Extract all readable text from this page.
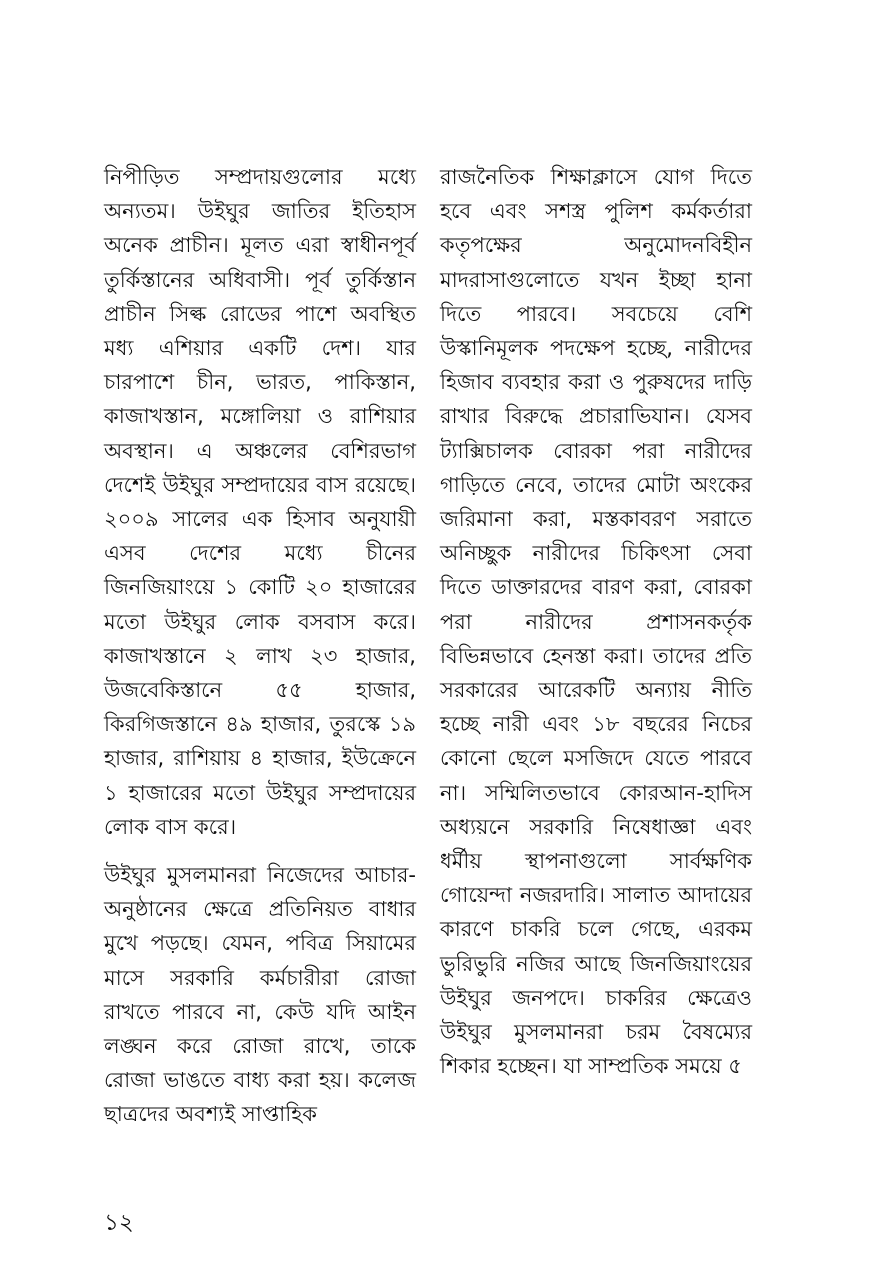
নিপীড়িত সম্প্রদায়গুলোর মধ্যে অন্যতম। উইঘুর জাতির ইতিহাস অনেক প্রাচীন। মূলত এরা স্বাধীনপূর্ব তুর্কিস্তানের অধিবাসী। পূর্ব তুর্কিস্তান প্রাচীন সিল্ক রোডের পাশে অবস্থিত মধ্য এশিয়ার একটি দেশ। যার চারপাশে চীন, ভারত, পাকিস্তান, কাজাখস্তান, মঙ্গোলিয়া ও রাশিয়ার অবস্থান। এ অঞ্চলের বেশিরভাগ দেশেই উইঘুর সম্প্রদায়ের বাস রয়েছে। ২০০৯ সালের এক হিসাব অনুযায়ী এসব দেশের মধ্যে চীনের জিনজিয়াংয়ে ১ কোটি ২০ হাজারের মতো উইঘুর লোক বসবাস করে। কাজাখস্তানে ২ লাখ ২৩ হাজার, উজবেকিস্তানে ৫৫ হাজার, কিরগিজস্তানে ৪৯ হাজার, তুরস্কে ১৯ হাজার, রাশিয়ায় ৪ হাজার, ইউক্রেনে ১ হাজারের মতো উইঘুর সম্প্রদায়ের লোক বাস করে।

উইঘুর মুসলমানরা নিজেদের আচার-অনুষ্ঠানের ক্ষেত্রে প্রতিনিয়ত বাধার মুখে পড়ছে। যেমন, পবিত্র সিয়ামের মাসে সরকারি কর্মচারীরা রোজা রাখতে পারবে না, কেউ যদি আইন লঙ্ঘন করে রোজা রাখে, তাকে রোজা ভাঙতে বাধ্য করা হয়। কলেজ ছাত্রদের অবশ্যই সাপ্তাহিক

রাজনৈতিক শিক্ষাক্লাসে যোগ দিতে হবে এবং সশস্ত্র পুলিশ কর্মকর্তারা কতৃপক্ষের অনুমোদনবিহীন মাদরাসাগুলোতে যখন ইচ্ছা হানা দিতে পারবে। সবচেয়ে বেশি উস্কানিমূলক পদক্ষেপ হচ্ছে, নারীদের হিজাব ব্যবহার করা ও পুরুষদের দাড়ি রাখার বিরুদ্ধে প্রচারাভিযান। যেসব ট্যাক্সিচালক বোরকা পরা নারীদের গাড়িতে নেবে, তাদের মোটা অংকের জরিমানা করা, মস্তকাবরণ সরাতে অনিচ্ছুক নারীদের চিকিৎসা সেবা দিতে ডাক্তারদের বারণ করা, বোরকা পরা নারীদের প্রশাসনকর্তৃক বিভিন্নভাবে হেনস্তা করা। তাদের প্রতি সরকারের আরেকটি অন্যায় নীতি হচ্ছে নারী এবং ১৮ বছরের নিচের কোনো ছেলে মসজিদে যেতে পারবে না। সম্মিলিতভাবে কোরআন-হাদিস অধ্যয়নে সরকারি নিষেধাজ্ঞা এবং ধর্মীয় স্থাপনাগুলো সার্বক্ষণিক গোয়েন্দা নজরদারি। সালাত আদায়ের কারণে চাকরি চলে গেছে, এরকম ভুরিভুরি নজির আছে জিনজিয়াংয়ের উইঘুর জনপদে। চাকরির ক্ষেত্রেও উইঘুর মুসলমানরা চরম বৈষম্যের শিকার হচ্ছেন। যা সাম্প্রতিক সময়ে ৫

১২
